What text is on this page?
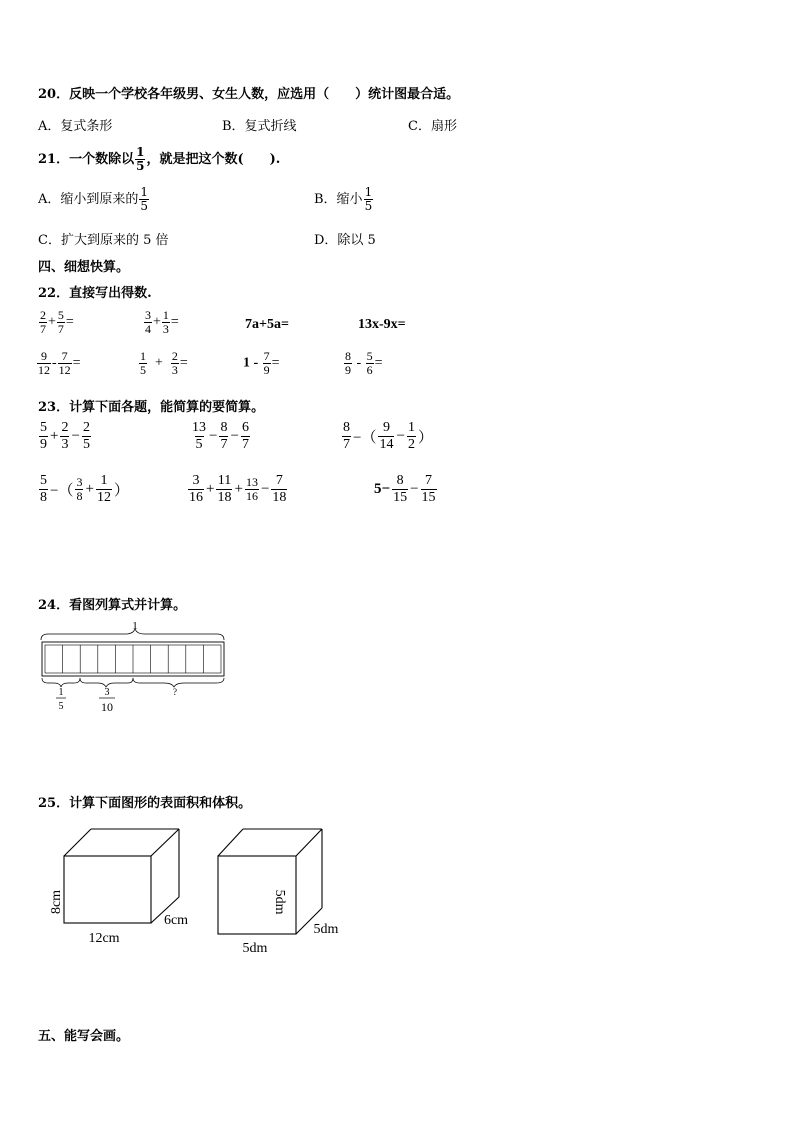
20．反映一个学校各年级男、女生人数，应选用（　　）统计图最合适。
A．复式条形	B．复式折线	C．扇形
21．一个数除以 $\frac{1}{5}$ ，就是把这个数(　　).
A．缩小到原来的 $\frac{1}{5}$	B．缩小 $\frac{1}{5}$
C．扩大到原来的 5 倍	D．除以 5
四、细想快算。
22．直接写出得数.
$\frac{2}{7} + \frac{5}{7}$ =	$\frac{3}{4} + \frac{1}{3}$ =	7a+5a=	13x-9x=
$\frac{9}{12} - \frac{7}{12}$ =	$\frac{1}{5} + \frac{2}{3}$ =	$1 - \frac{7}{9}$ =	$\frac{8}{9} - \frac{5}{6}$ =
23．计算下面各题，能简算的要简算。
$\frac{5}{9} + \frac{2}{3} - \frac{2}{5}$	$\frac{13}{5} - \frac{8}{7} - \frac{6}{7}$	$\frac{8}{7}$ −（ $\frac{9}{14} - \frac{1}{2}$ ）
$\frac{5}{8}$ −（ $\frac{3}{8} + \frac{1}{12}$ ）	$\frac{3}{16} + \frac{11}{18} + \frac{13}{16} - \frac{7}{18}$	$5- \frac{8}{15} - \frac{7}{15}$
24．看图列算式并计算。
1
1
5
3
10
?
25．计算下面图形的表面积和体积。
8cm
12cm
6cm
5dm
5dm
5dm
五、能写会画。
